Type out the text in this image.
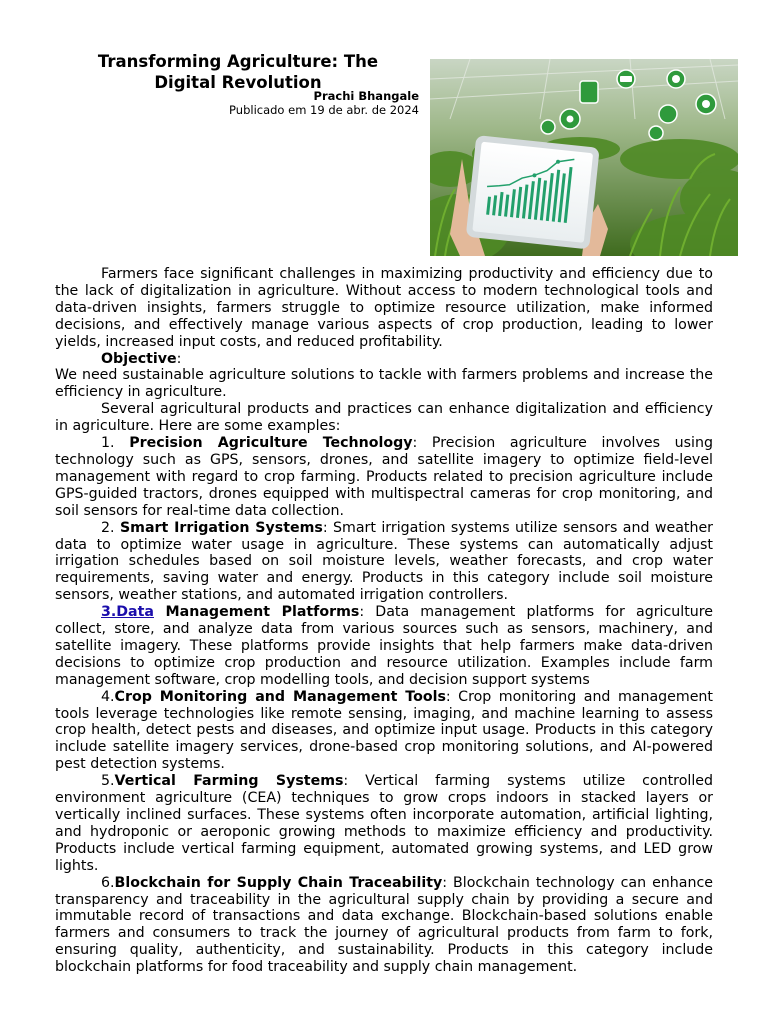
Transforming Agriculture: The
Digital Revolution
Prachi Bhangale
Publicado em 19 de abr. de 2024

Farmers face significant challenges in maximizing productivity and efficiency due to the lack of digitalization in agriculture. Without access to modern technological tools and data-driven insights, farmers struggle to optimize resource utilization, make informed decisions, and effectively manage various aspects of crop production, leading to lower yields, increased input costs, and reduced profitability.

Objective:

We need sustainable agriculture solutions to tackle with farmers problems and increase the efficiency in agriculture.

Several agricultural products and practices can enhance digitalization and efficiency in agriculture. Here are some examples:

1. Precision Agriculture Technology: Precision agriculture involves using technology such as GPS, sensors, drones, and satellite imagery to optimize field-level management with regard to crop farming. Products related to precision agriculture include GPS-guided tractors, drones equipped with multispectral cameras for crop monitoring, and soil sensors for real-time data collection.

2. Smart Irrigation Systems: Smart irrigation systems utilize sensors and weather data to optimize water usage in agriculture. These systems can automatically adjust irrigation schedules based on soil moisture levels, weather forecasts, and crop water requirements, saving water and energy. Products in this category include soil moisture sensors, weather stations, and automated irrigation controllers.

3.Data Management Platforms: Data management platforms for agriculture collect, store, and analyze data from various sources such as sensors, machinery, and satellite imagery. These platforms provide insights that help farmers make data-driven decisions to optimize crop production and resource utilization. Examples include farm management software, crop modelling tools, and decision support systems

4.Crop Monitoring and Management Tools: Crop monitoring and management tools leverage technologies like remote sensing, imaging, and machine learning to assess crop health, detect pests and diseases, and optimize input usage. Products in this category include satellite imagery services, drone-based crop monitoring solutions, and AI-powered pest detection systems.

5.Vertical Farming Systems: Vertical farming systems utilize controlled environment agriculture (CEA) techniques to grow crops indoors in stacked layers or vertically inclined surfaces. These systems often incorporate automation, artificial lighting, and hydroponic or aeroponic growing methods to maximize efficiency and productivity. Products include vertical farming equipment, automated growing systems, and LED grow lights.

6.Blockchain for Supply Chain Traceability: Blockchain technology can enhance transparency and traceability in the agricultural supply chain by providing a secure and immutable record of transactions and data exchange. Blockchain-based solutions enable farmers and consumers to track the journey of agricultural products from farm to fork, ensuring quality, authenticity, and sustainability. Products in this category include blockchain platforms for food traceability and supply chain management.
